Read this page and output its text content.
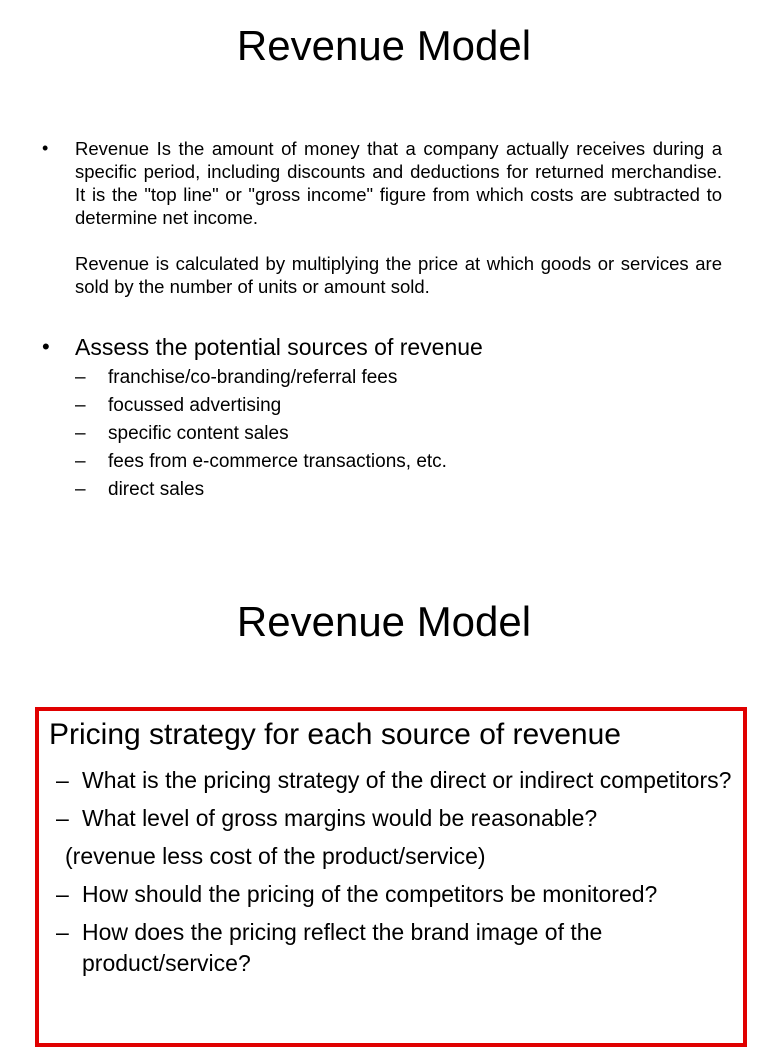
Revenue Model
• Revenue Is the amount of money that a company actually receives during a specific period, including discounts and deductions for returned merchandise. It is the "top line" or "gross income" figure from which costs are subtracted to determine net income.

Revenue is calculated by multiplying the price at which goods or services are sold by the number of units or amount sold.

• Assess the potential sources of revenue

– franchise/co-branding/referral fees
– focussed advertising
– specific content sales
– fees from e-commerce transactions, etc.
– direct sales
Revenue Model
Pricing strategy for each source of revenue
– What is the pricing strategy of the direct or indirect competitors?
– What level of gross margins would be reasonable?
(revenue less cost of the product/service)
– How should the pricing of the competitors be monitored?
– How does the pricing reflect the brand image of the product/service?
